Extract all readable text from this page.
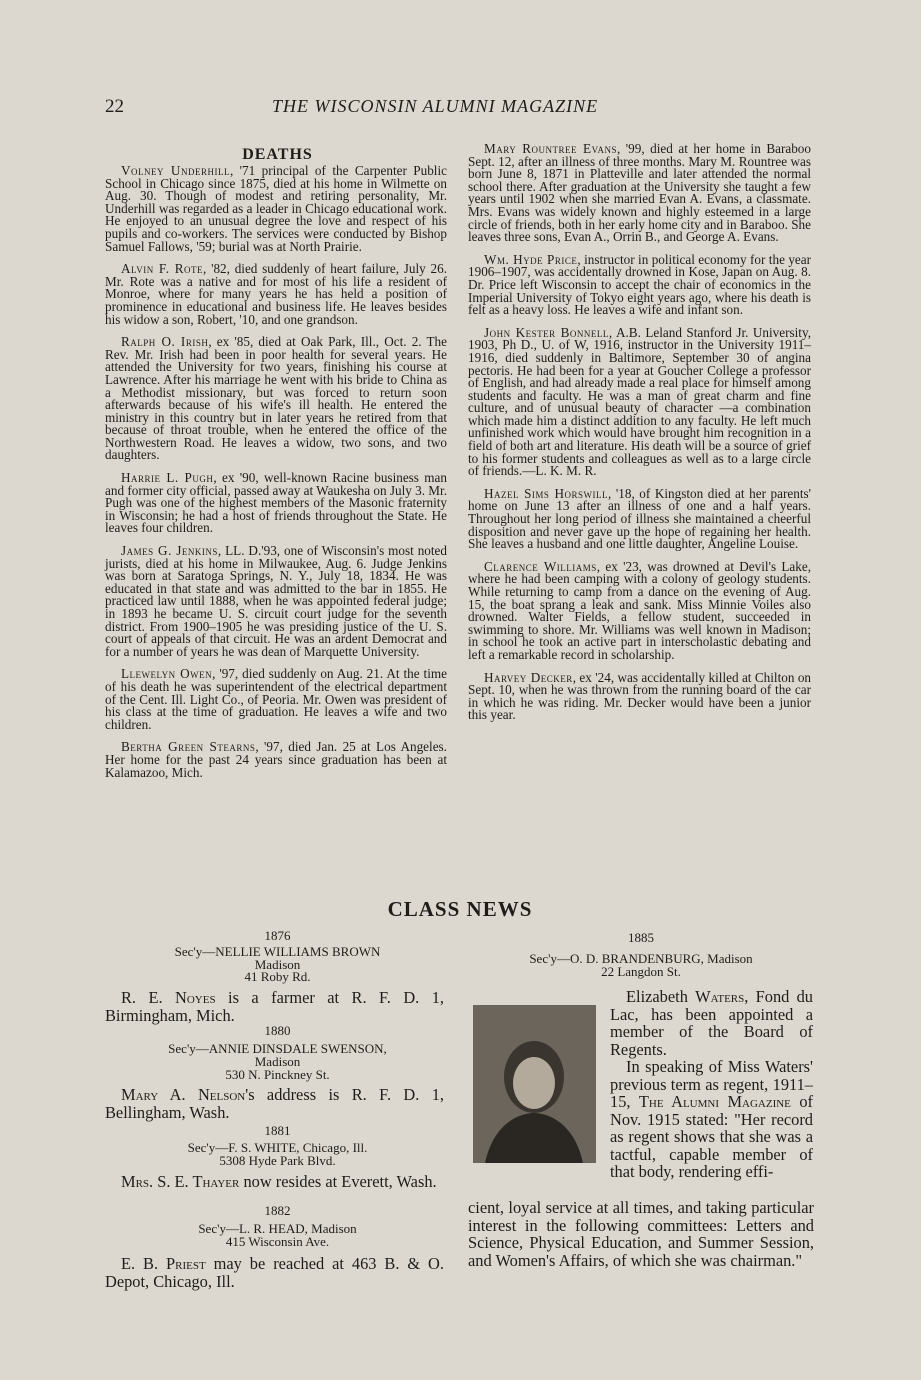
22	THE WISCONSIN ALUMNI MAGAZINE
DEATHS

Volney Underhill, '71 principal of the Carpenter Public School in Chicago since 1875, died at his home in Wilmette on Aug. 30. Though of modest and retiring personality, Mr. Underhill was regarded as a leader in Chicago educational work. He enjoyed to an unusual degree the love and respect of his pupils and co-workers. The services were conducted by Bishop Samuel Fallows, '59; burial was at North Prairie.

Alvin F. Rote, '82, died suddenly of heart failure, July 26. Mr. Rote was a native and for most of his life a resident of Monroe, where for many years he has held a position of prominence in educational and business life. He leaves besides his widow a son, Robert, '10, and one grandson.

Ralph O. Irish, ex '85, died at Oak Park, Ill., Oct. 2. The Rev. Mr. Irish had been in poor health for several years. He attended the University for two years, finishing his course at Lawrence. After his marriage he went with his bride to China as a Methodist missionary, but was forced to return soon afterwards because of his wife's ill health. He entered the ministry in this country but in later years he retired from that because of throat trouble, when he entered the office of the Northwestern Road. He leaves a widow, two sons, and two daughters.

Harrie L. Pugh, ex '90, well-known Racine business man and former city official, passed away at Waukesha on July 3. Mr. Pugh was one of the highest members of the Masonic fraternity in Wisconsin; he had a host of friends throughout the State. He leaves four children.

James G. Jenkins, LL. D.'93, one of Wisconsin's most noted jurists, died at his home in Milwaukee, Aug. 6. Judge Jenkins was born at Saratoga Springs, N. Y., July 18, 1834. He was educated in that state and was admitted to the bar in 1855. He practiced law until 1888, when he was appointed federal judge; in 1893 he became U. S. circuit court judge for the seventh district. From 1900–1905 he was presiding justice of the U. S. court of appeals of that circuit. He was an ardent Democrat and for a number of years he was dean of Marquette University.

Llewelyn Owen, '97, died suddenly on Aug. 21. At the time of his death he was superintendent of the electrical department of the Cent. Ill. Light Co., of Peoria. Mr. Owen was president of his class at the time of graduation. He leaves a wife and two children.

Bertha Green Stearns, '97, died Jan. 25 at Los Angeles. Her home for the past 24 years since graduation has been at Kalamazoo, Mich.

Mary Rountree Evans, '99, died at her home in Baraboo Sept. 12, after an illness of three months. Mary M. Rountree was born June 8, 1871 in Platteville and later attended the normal school there. After graduation at the University she taught a few years until 1902 when she married Evan A. Evans, a classmate. Mrs. Evans was widely known and highly esteemed in a large circle of friends, both in her early home city and in Baraboo. She leaves three sons, Evan A., Orrin B., and George A. Evans.

Wm. Hyde Price, instructor in political economy for the year 1906–1907, was accidentally drowned in Kose, Japan on Aug. 8. Dr. Price left Wisconsin to accept the chair of economics in the Imperial University of Tokyo eight years ago, where his death is felt as a heavy loss. He leaves a wife and infant son.

John Kester Bonnell, A.B. Leland Stanford Jr. University, 1903, Ph D., U. of W, 1916, instructor in the University 1911–1916, died suddenly in Baltimore, September 30 of angina pectoris. He had been for a year at Goucher College a professor of English, and had already made a real place for himself among students and faculty. He was a man of great charm and fine culture, and of unusual beauty of character —a combination which made him a distinct addition to any faculty. He left much unfinished work which would have brought him recognition in a field of both art and literature. His death will be a source of grief to his former students and colleagues as well as to a large circle of friends.—L. K. M. R.

Hazel Sims Horswill, '18, of Kingston died at her parents' home on June 13 after an illness of one and a half years. Throughout her long period of illness she maintained a cheerful disposition and never gave up the hope of regaining her health. She leaves a husband and one little daughter, Angeline Louise.

Clarence Williams, ex '23, was drowned at Devil's Lake, where he had been camping with a colony of geology students. While returning to camp from a dance on the evening of Aug. 15, the boat sprang a leak and sank. Miss Minnie Voiles also drowned. Walter Fields, a fellow student, succeeded in swimming to shore. Mr. Williams was well known in Madison; in school he took an active part in interscholastic debating and left a remarkable record in scholarship.

Harvey Decker, ex '24, was accidentally killed at Chilton on Sept. 10, when he was thrown from the running board of the car in which he was riding. Mr. Decker would have been a junior this year.

CLASS NEWS
1876
Sec'y—NELLIE WILLIAMS BROWN
Madison
41 Roby Rd.

R. E. Noyes is a farmer at R. F. D. 1, Birmingham, Mich.

1880
Sec'y—ANNIE DINSDALE SWENSON,
Madison
530 N. Pinckney St.

Mary A. Nelson's address is R. F. D. 1, Bellingham, Wash.

1881
Sec'y—F. S. WHITE, Chicago, Ill.
5308 Hyde Park Blvd.

Mrs. S. E. Thayer now resides at Everett, Wash.

1882
Sec'y—L. R. HEAD, Madison
415 Wisconsin Ave.

E. B. Priest may be reached at 463 B. & O. Depot, Chicago, Ill.

1885
Sec'y—O. D. BRANDENBURG, Madison
22 Langdon St.

Elizabeth Waters, Fond du Lac, has been appointed a member of the Board of Regents.

In speaking of Miss Waters' previous term as regent, 1911–15, The Alumni Magazine of Nov. 1915 stated: "Her record as regent shows that she was a tactful, capable member of that body, rendering effi-

cient, loyal service at all times, and taking particular interest in the following committees: Letters and Science, Physical Education, and Summer Session, and Women's Affairs, of which she was chairman."
